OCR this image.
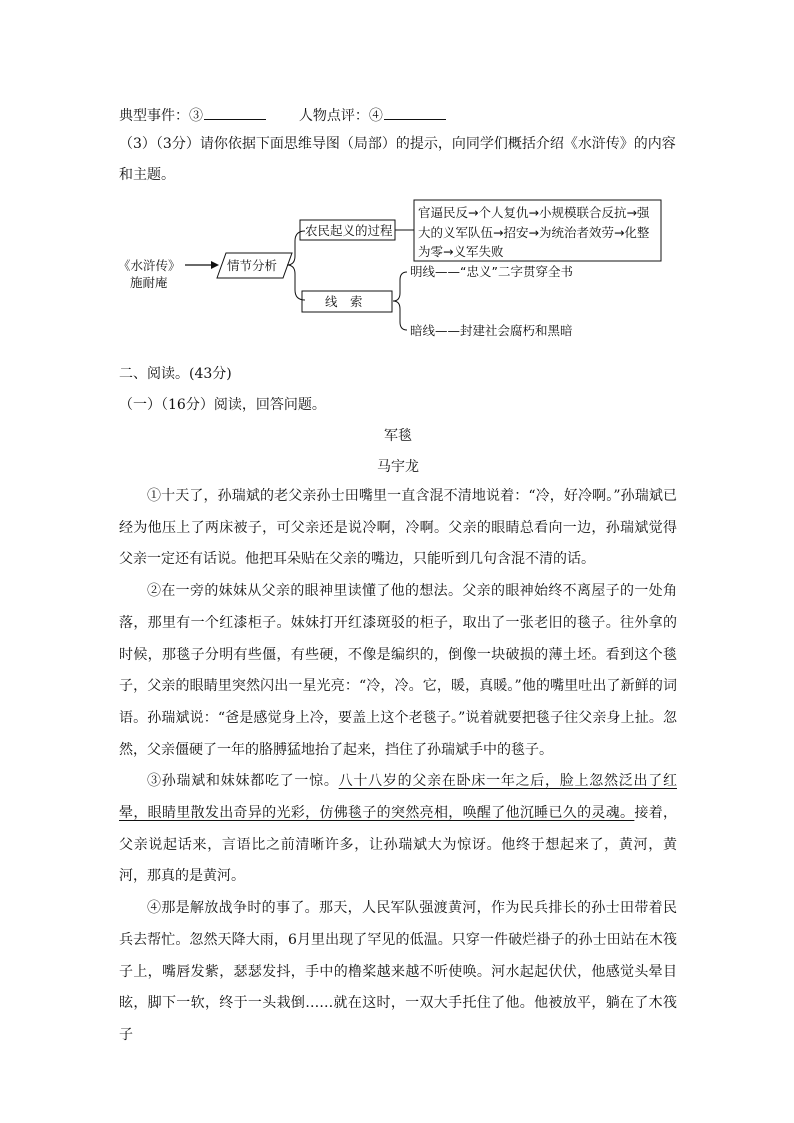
典型事件：③	人物点评：④
（3）（3分）请你依据下面思维导图（局部）的提示，向同学们概括介绍《水浒传》的内容
和主题。
《水浒传》
施耐庵
情节分析
农民起义的过程
官逼民反→个人复仇→小规模联合反抗→强
大的义军队伍→招安→为统治者效劳→化整
为零→义军失败
线　索
明线——“忠义”二字贯穿全书
暗线——封建社会腐朽和黑暗
二、阅读。(43分)
（一）（16分）阅读，回答问题。
军毯
马宇龙

①十天了，孙瑞斌的老父亲孙士田嘴里一直含混不清地说着：“冷，好冷啊。”孙瑞斌已经为他压上了两床被子，可父亲还是说冷啊，冷啊。父亲的眼睛总看向一边，孙瑞斌觉得父亲一定还有话说。他把耳朵贴在父亲的嘴边，只能听到几句含混不清的话。

②在一旁的妹妹从父亲的眼神里读懂了他的想法。父亲的眼神始终不离屋子的一处角落，那里有一个红漆柜子。妹妹打开红漆斑驳的柜子，取出了一张老旧的毯子。往外拿的时候，那毯子分明有些僵，有些硬，不像是编织的，倒像一块破损的薄土坯。看到这个毯子，父亲的眼睛里突然闪出一星光亮：“冷，冷。它，暖，真暖。”他的嘴里吐出了新鲜的词语。孙瑞斌说：“爸是感觉身上冷，要盖上这个老毯子。”说着就要把毯子往父亲身上扯。忽然，父亲僵硬了一年的胳膊猛地抬了起来，挡住了孙瑞斌手中的毯子。

③孙瑞斌和妹妹都吃了一惊。八十八岁的父亲在卧床一年之后，脸上忽然泛出了红晕，眼睛里散发出奇异的光彩，仿佛毯子的突然亮相，唤醒了他沉睡已久的灵魂。接着，父亲说起话来，言语比之前清晰许多，让孙瑞斌大为惊讶。他终于想起来了，黄河，黄河，那真的是黄河。

④那是解放战争时的事了。那天，人民军队强渡黄河，作为民兵排长的孙士田带着民兵去帮忙。忽然天降大雨，6月里出现了罕见的低温。只穿一件破烂褂子的孙士田站在木筏子上，嘴唇发紫，瑟瑟发抖，手中的橹桨越来越不听使唤。河水起起伏伏，他感觉头晕目眩，脚下一软，终于一头栽倒……就在这时，一双大手托住了他。他被放平，躺在了木筏子
